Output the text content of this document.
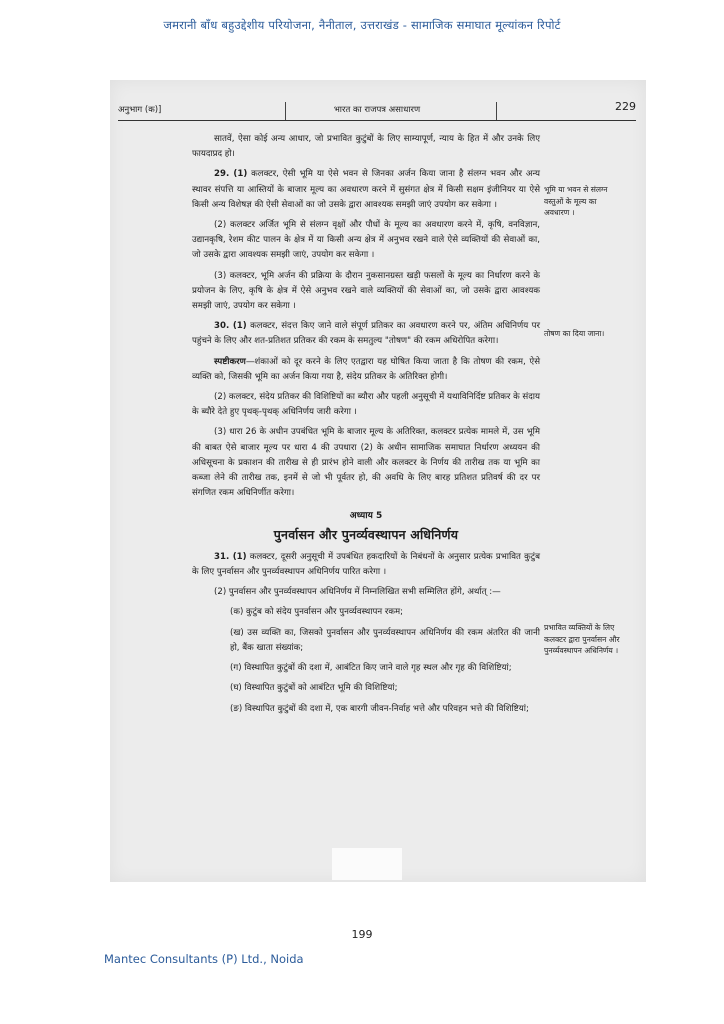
जमरानी बाँध बहुउद्देशीय परियोजना, नैनीताल, उत्तराखंड - सामाजिक समाघात मूल्यांकन रिपोर्ट
अनुभाग (क)]	भारत का राजपत्र असाधारण	229

सातवें, ऐसा कोई अन्य आधार, जो प्रभावित कुटुंबों के लिए साम्यापूर्ण, न्याय के हित में और उनके लिए फायदाप्रद हो।

29. (1) कलक्टर, ऐसी भूमि या ऐसे भवन से जिनका अर्जन किया जाना है संलग्न भवन और अन्य स्थावर संपत्ति या आस्तियों के बाजार मूल्य का अवधारण करने में सुसंगत क्षेत्र में किसी सक्षम इंजीनियर या ऐसे किसी अन्य विशेषज्ञ की ऐसी सेवाओं का जो उसके द्वारा आवश्यक समझी जाएं उपयोग कर सकेगा ।

(2) कलक्टर अर्जित भूमि से संलग्न वृक्षों और पौधों के मूल्य का अवधारण करने में, कृषि, वनविज्ञान, उद्यानकृषि, रेशम कीट पालन के क्षेत्र में या किसी अन्य क्षेत्र में अनुभव रखने वाले ऐसे व्यक्तियों की सेवाओं का, जो उसके द्वारा आवश्यक समझी जाएं, उपयोग कर सकेगा ।

(3) कलक्टर, भूमि अर्जन की प्रक्रिया के दौरान नुकसानग्रस्त खड़ी फसलों के मूल्य का निर्धारण करने के प्रयोजन के लिए, कृषि के क्षेत्र में ऐसे अनुभव रखने वाले व्यक्तियों की सेवाओं का, जो उसके द्वारा आवश्यक समझी जाएं, उपयोग कर सकेगा ।

30. (1) कलक्टर, संदत्त किए जाने वाले संपूर्ण प्रतिकर का अवधारण करने पर, अंतिम अधिनिर्णय पर पहुंचने के लिए और शत-प्रतिशत प्रतिकर की रकम के समतुल्य "तोषण" की रकम अधिरोपित करेगा।

स्पष्टीकरण—शंकाओं को दूर करने के लिए एतद्वारा यह घोषित किया जाता है कि तोषण की रकम, ऐसे व्यक्ति को, जिसकी भूमि का अर्जन किया गया है, संदेय प्रतिकर के अतिरिक्त होगी।

(2) कलक्टर, संदेय प्रतिकर की विशिष्टियों का ब्यौरा और पहली अनुसूची में यथाविनिर्दिष्ट प्रतिकर के संदाय के ब्यौरे देते हुए पृथक्-पृथक् अधिनिर्णय जारी करेगा ।

(3) धारा 26 के अधीन उपबंधित भूमि के बाजार मूल्य के अतिरिक्त, कलक्टर प्रत्येक मामले में, उस भूमि की बाबत ऐसे बाजार मूल्य पर धारा 4 की उपधारा (2) के अधीन सामाजिक समाघात निर्धारण अध्ययन की अधिसूचना के प्रकाशन की तारीख से ही प्रारंभ होने वाली और कलक्टर के निर्णय की तारीख तक या भूमि का कब्जा लेने की तारीख तक, इनमें से जो भी पूर्वतर हो, की अवधि के लिए बारह प्रतिशत प्रतिवर्ष की दर पर संगणित रकम अधिनिर्णीत करेगा।

अध्याय 5
पुनर्वासन और पुनर्व्यवस्थापन अधिनिर्णय

31. (1) कलक्टर, दूसरी अनुसूची में उपबंधित हकदारियों के निबंधनों के अनुसार प्रत्येक प्रभावित कुटुंब के लिए पुनर्वासन और पुनर्व्यवस्थापन अधिनिर्णय पारित करेगा ।

(2) पुनर्वासन और पुनर्व्यवस्थापन अधिनिर्णय में निम्नलिखित सभी सम्मिलित होंगे, अर्थात् :—

(क) कुटुंब को संदेय पुनर्वासन और पुनर्व्यवस्थापन रकम;

(ख) उस व्यक्ति का, जिसको पुनर्वासन और पुनर्व्यवस्थापन अधिनिर्णय की रकम अंतरित की जानी हो, बैंक खाता संख्यांक;

(ग) विस्थापित कुटुंबों की दशा में, आबंटित किए जाने वाले गृह स्थल और गृह की विशिष्टियां;

(घ) विस्थापित कुटुंबों को आबंटित भूमि की विशिष्टियां;

(ङ) विस्थापित कुटुंबों की दशा में, एक बारगी जीवन-निर्वाह भत्ते और परिवहन भत्ते की विशिष्टियां;

भूमि या भवन से संलग्न वस्तुओं के मूल्य का अवधारण ।
तोषण का दिया जाना।
प्रभावित व्यक्तियों के लिए कलक्टर द्वारा पुनर्वासन और पुनर्व्यवस्थापन अधिनिर्णय ।
199
Mantec Consultants (P) Ltd., Noida
